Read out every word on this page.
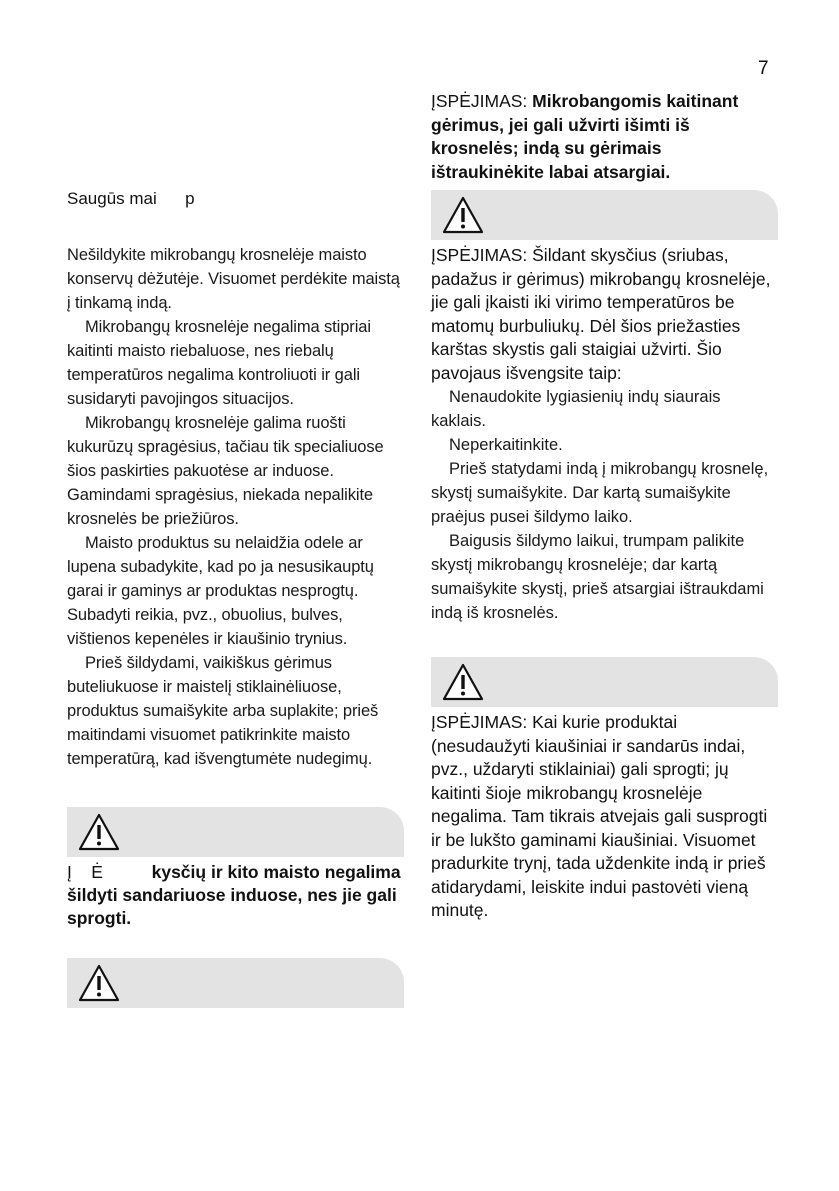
7

Saugūs mai      p

Nešildykite mikrobangų krosnelėje maisto konservų dėžutėje. Visuomet perdėkite maistą į tinkamą indą.

Mikrobangų krosnelėje negalima stipriai kaitinti maisto riebaluose, nes riebalų temperatūros negalima kontroliuoti ir gali susidaryti pavojingos situacijos.

Mikrobangų krosnelėje galima ruošti kukurūzų spragėsius, tačiau tik specialiuose šios paskirties pakuotėse ar induose. Gamindami spragėsius, niekada nepalikite krosnelės be priežiūros.

Maisto produktus su nelaidžia odele ar lupena subadykite, kad po ja nesusikauptų garai ir gaminys ar produktas nesprogtų. Subadyti reikia, pvz., obuolius, bulves, vištienos kepenėles ir kiaušinio trynius.

Prieš šildydami, vaikiškus gėrimus buteliukuose ir maistelį stiklainėliuose, produktus sumaišykite arba suplakite; prieš maitindami visuomet patikrinkite maisto temperatūrą, kad išvengtumėte nudegimų.

Į    Ė          kysčių ir kito maisto negalima šildyti sandariuose induose, nes jie gali sprogti.

ĮSPĖJIMAS: Mikrobangomis kaitinant gėrimus, jei gali užvirti išimti iš krosnelės; indą su gėrimais ištraukinėkite labai atsargiai.

ĮSPĖJIMAS: Šildant skysčius (sriubas, padažus ir gėrimus) mikrobangų krosnelėje, jie gali įkaisti iki virimo temperatūros be matomų burbuliukų. Dėl šios priežasties karštas skystis gali staigiai užvirti. Šio pavojaus išvengsite taip:

Nenaudokite lygiasienių indų siaurais kaklais.

Neperkaitinkite.

Prieš statydami indą į mikrobangų krosnelę, skystį sumaišykite. Dar kartą sumaišykite praėjus pusei šildymo laiko.

Baigusis šildymo laikui, trumpam palikite skystį mikrobangų krosnelėje; dar kartą sumaišykite skystį, prieš atsargiai ištraukdami indą iš krosnelės.

ĮSPĖJIMAS: Kai kurie produktai (nesudaužyti kiaušiniai ir sandarūs indai, pvz., uždaryti stiklainiai) gali sprogti; jų kaitinti šioje mikrobangų krosnelėje negalima. Tam tikrais atvejais gali susprogti ir be lukšto gaminami kiaušiniai. Visuomet pradurkite trynį, tada uždenkite indą ir prieš atidarydami, leiskite indui pastovėti vieną minutę.
